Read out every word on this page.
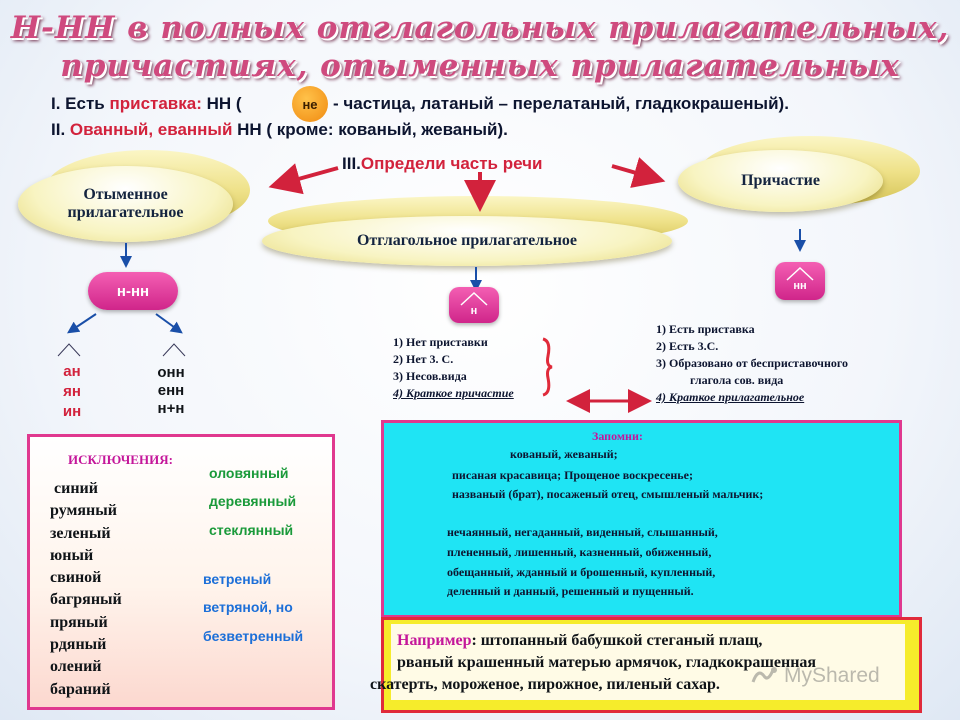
Н-НН в полных отглагольных прилагательных,
причастиях, отыменных прилагательных
I. Есть приставка: НН (	не - частица, латаный – перелатаный, гладкокрашеный).
II. Ованный, еванный НН ( кроме: кованый, жеваный).
III.Определи часть речи
Отыменное прилагательное
Отглагольное прилагательное
Причастие
н-нн
н
нн
ан
ян
ин
онн
енн
н+н
1) Нет приставки
2) Нет 3. С.
3) Несов.вида
4) Краткое причастие
1) Есть приставка
2) Есть 3.С.
3) Образовано от бесприставочного
глагола сов. вида
4) Краткое прилагательное
ИСКЛЮЧЕНИЯ:
синий
румяный
зеленый
юный
свиной
багряный
пряный
рдяный
олений
бараний
оловянный
деревянный
стеклянный
ветреный
ветряной, но
безветренный
Запомни:
кованый, жеваный;
писаная красавица; Прощеное воскресенье;
названый (брат), посаженый отец, смышленый мальчик;
нечаянный, негаданный, виденный, слышанный,
плененный, лишенный, казненный, обиженный,
обещанный, жданный и брошенный, купленный,
деленный и данный, решенный и пущенный.
Например: штопанный бабушкой стеганый плащ,
рваный крашенный матерью армячок, гладкокрашенная
скатерть, мороженое, пирожное, пиленый сахар.	MyShared
